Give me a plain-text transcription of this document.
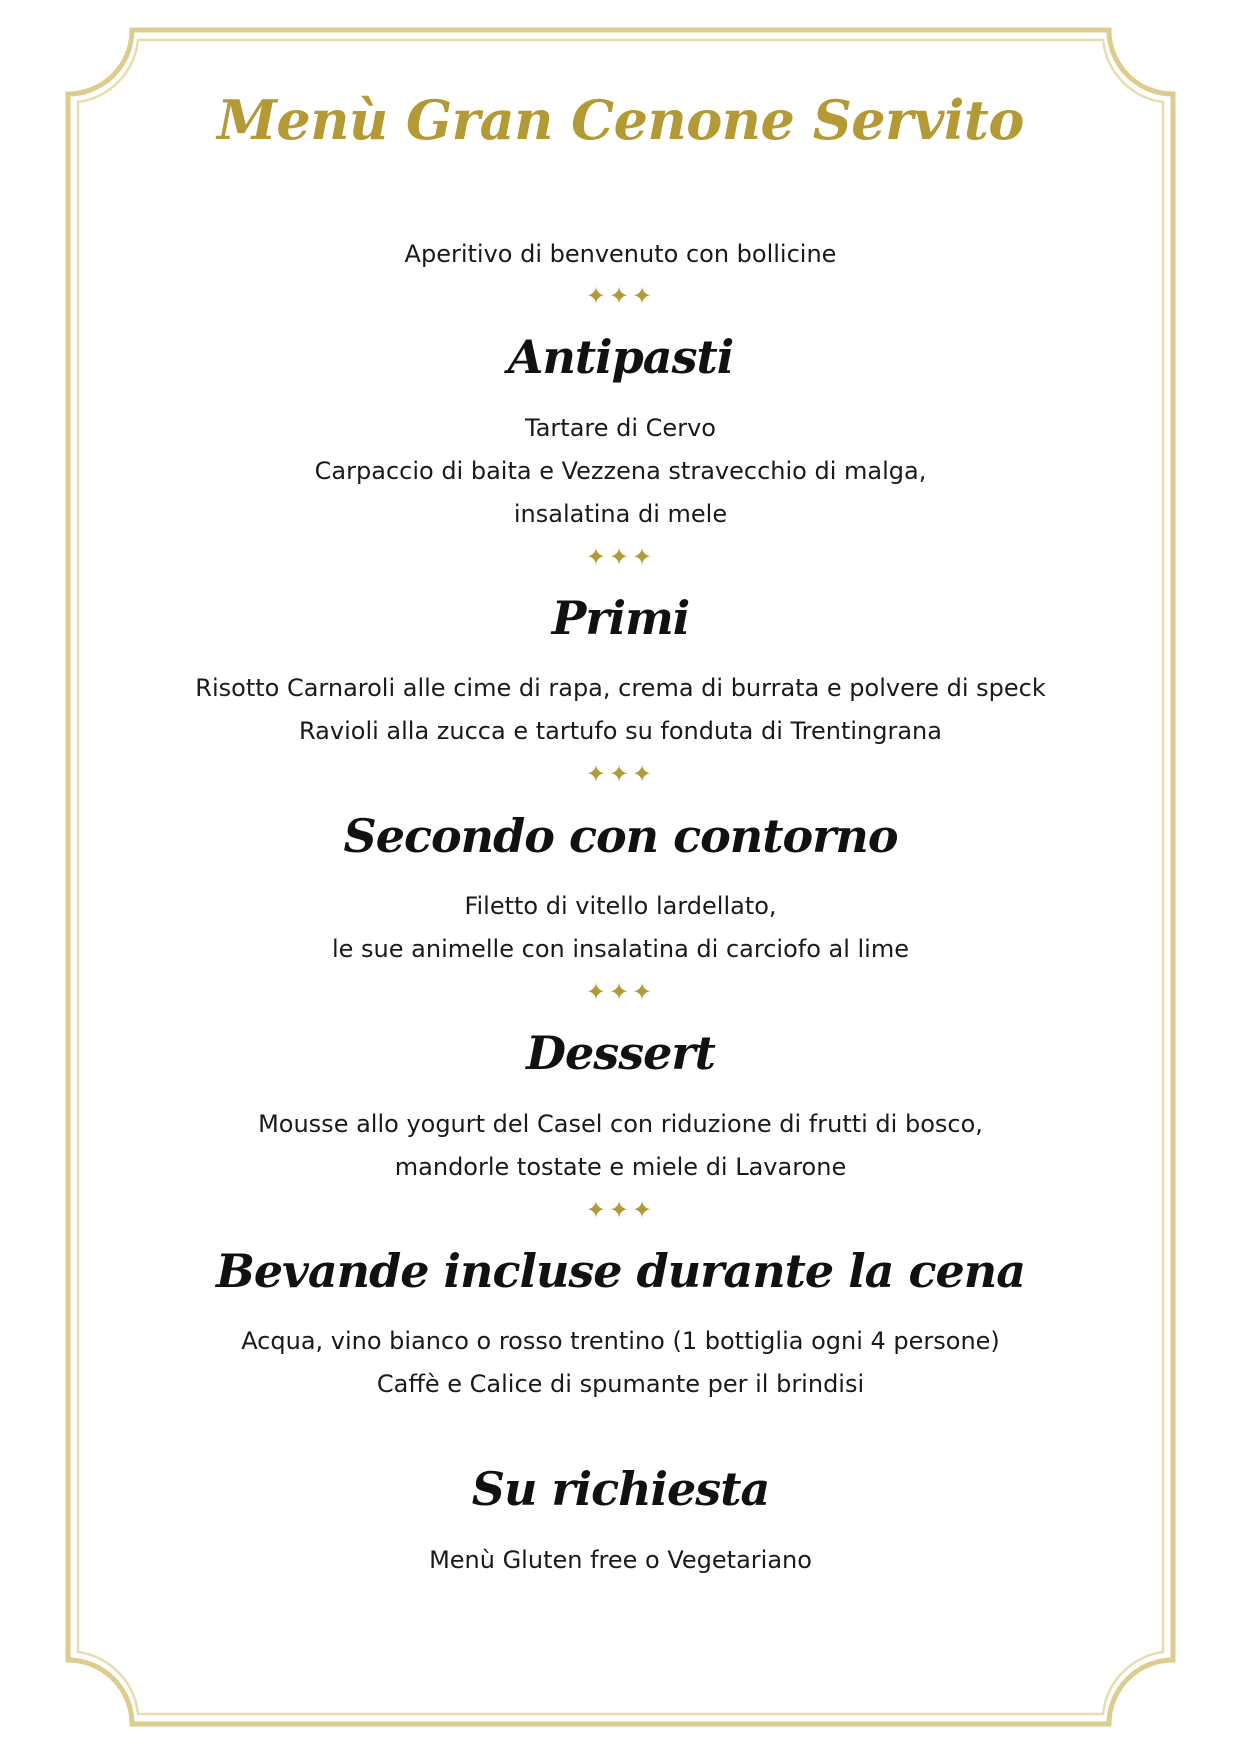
Menù Gran Cenone Servito
Aperitivo di benvenuto con bollicine
✦✦✦
Antipasti
Tartare di Cervo
Carpaccio di baita e Vezzena stravecchio di malga,
insalatina di mele
✦✦✦
Primi
Risotto Carnaroli alle cime di rapa, crema di burrata e polvere di speck
Ravioli alla zucca e tartufo su fonduta di Trentingrana
✦✦✦
Secondo con contorno
Filetto di vitello lardellato,
le sue animelle con insalatina di carciofo al lime
✦✦✦
Dessert
Mousse allo yogurt del Casel con riduzione di frutti di bosco,
mandorle tostate e miele di Lavarone
✦✦✦
Bevande incluse durante la cena
Acqua, vino bianco o rosso trentino (1 bottiglia ogni 4 persone)
Caffè e Calice di spumante per il brindisi
Su richiesta
Menù Gluten free o Vegetariano
